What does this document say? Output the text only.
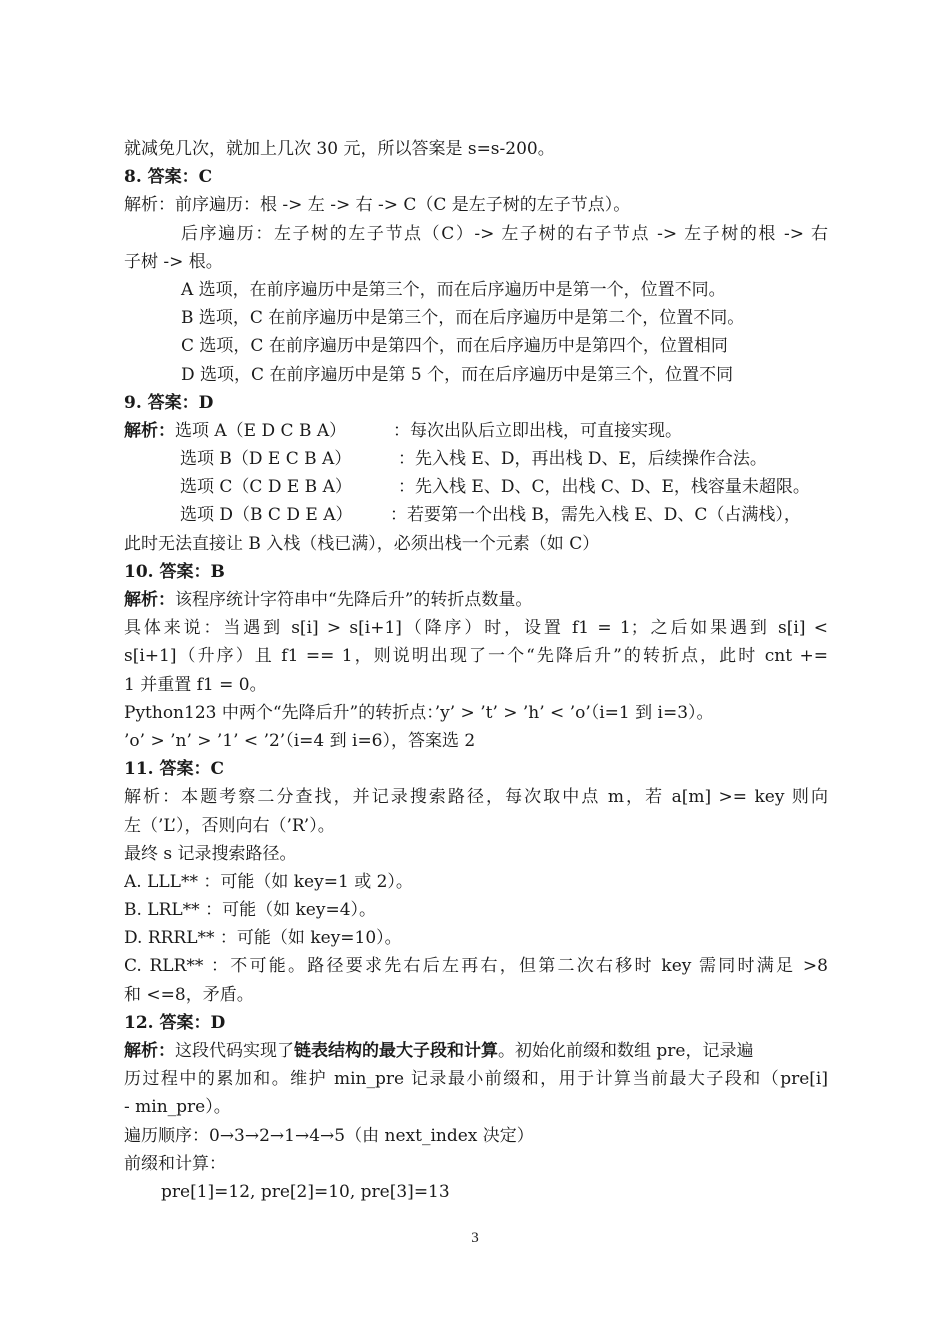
就减免几次，就加上几次 30 元，所以答案是 s=s-200。
8. 答案：C
解析：前序遍历：根 -> 左 -> 右 -> C（C 是左子树的左子节点）。
后序遍历：左子树的左子节点（C）-> 左子树的右子节点 -> 左子树的根 -> 右
子树 -> 根。
A 选项，在前序遍历中是第三个，而在后序遍历中是第一个，位置不同。
B 选项，C 在前序遍历中是第三个，而在后序遍历中是第二个，位置不同。
C 选项，C 在前序遍历中是第四个，而在后序遍历中是第四个，位置相同
D 选项，C 在前序遍历中是第 5 个，而在后序遍历中是第三个，位置不同
9. 答案：D
解析：选项 A（E D C B A）	：每次出队后立即出栈，可直接实现。
选项 B（D E C B A）	：先入栈 E、D，再出栈 D、E，后续操作合法。
选项 C（C D E B A）	：先入栈 E、D、C，出栈 C、D、E，栈容量未超限。
选项 D（B C D E A） ：若要第一个出栈 B，需先入栈 E、D、C（占满栈），
此时无法直接让 B 入栈（栈已满），必须出栈一个元素（如 C）
10. 答案：B
解析：该程序统计字符串中“先降后升”的转折点数量。
具体来说：当遇到 s[i] > s[i+1]（降序）时，设置 f1 = 1；之后如果遇到 s[i] <
s[i+1]（升序）且 f1 == 1，则说明出现了一个“先降后升”的转折点，此时 cnt +=
1 并重置 f1 = 0。
Python123 中两个“先降后升”的转折点：’y’ > ’t’ > ’h’ < ’o’（i=1 到 i=3）。
’o’ > ’n’ > ’1’ < ’2’（i=4 到 i=6），答案选 2
11. 答案：C
解析：本题考察二分查找，并记录搜索路径，每次取中点 m，若 a[m] >= key 则向
左（’L’），否则向右（’R’）。
最终 s 记录搜索路径。
A. LLL** ：可能（如 key=1 或 2）。
B. LRL** ：可能（如 key=4）。
D. RRRL** ：可能（如 key=10）。
C. RLR** ：不可能。路径要求先右后左再右，但第二次右移时 key 需同时满足 >8
和 <=8，矛盾。
12. 答案：D
解析：这段代码实现了链表结构的最大子段和计算。初始化前缀和数组 pre，记录遍
历过程中的累加和。维护 min_pre 记录最小前缀和，用于计算当前最大子段和（pre[i]
- min_pre）。
遍历顺序：0→3→2→1→4→5（由 next_index 决定）
前缀和计算：
pre[1]=12, pre[2]=10, pre[3]=13
3
